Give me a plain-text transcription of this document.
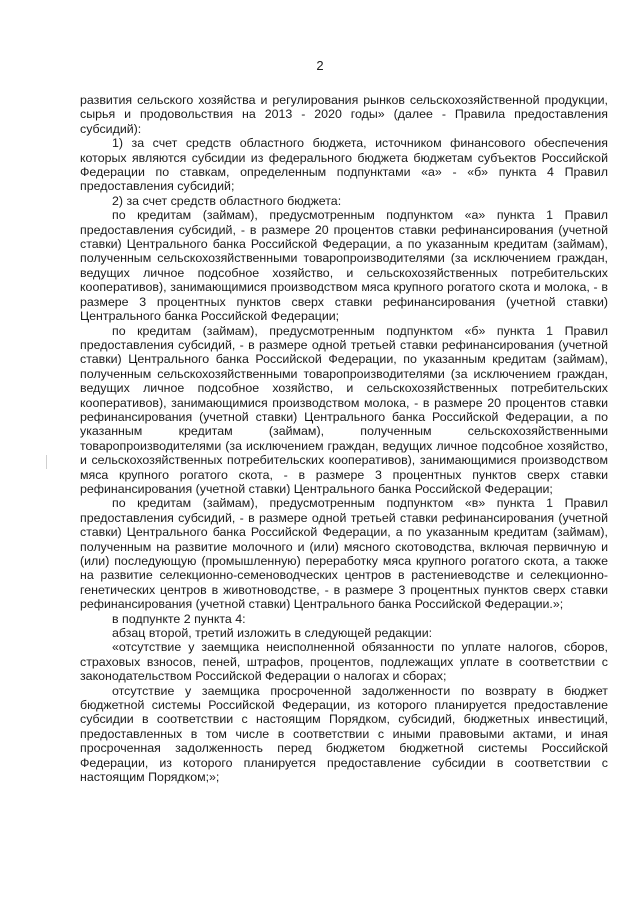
2

развития сельского хозяйства и регулирования рынков сельскохозяйственной продукции, сырья и продовольствия на 2013 - 2020 годы» (далее - Правила предоставления субсидий):

1) за счет средств областного бюджета, источником финансового обеспечения которых являются субсидии из федерального бюджета бюджетам субъектов Российской Федерации по ставкам, определенным подпунктами «а» - «б» пункта 4 Правил предоставления субсидий;

2) за счет средств областного бюджета:

по кредитам (займам), предусмотренным подпунктом «а» пункта 1 Правил предоставления субсидий, - в размере 20 процентов ставки рефинансирования (учетной ставки) Центрального банка Российской Федерации, а по указанным кредитам (займам), полученным сельскохозяйственными товаропроизводителями (за исключением граждан, ведущих личное подсобное хозяйство, и сельскохозяйственных потребительских кооперативов), занимающимися производством мяса крупного рогатого скота и молока, - в размере 3 процентных пунктов сверх ставки рефинансирования (учетной ставки) Центрального банка Российской Федерации;

по кредитам (займам), предусмотренным подпунктом «б» пункта 1 Правил предоставления субсидий, - в размере одной третьей ставки рефинансирования (учетной ставки) Центрального банка Российской Федерации, по указанным кредитам (займам), полученным сельскохозяйственными товаропроизводителями (за исключением граждан, ведущих личное подсобное хозяйство, и сельскохозяйственных потребительских кооперативов), занимающимися производством молока, - в размере 20 процентов ставки рефинансирования (учетной ставки) Центрального банка Российской Федерации, а по указанным кредитам (займам), полученным сельскохозяйственными товаропроизводителями (за исключением граждан, ведущих личное подсобное хозяйство, и сельскохозяйственных потребительских кооперативов), занимающимися производством мяса крупного рогатого скота, - в размере 3 процентных пунктов сверх ставки рефинансирования (учетной ставки) Центрального банка Российской Федерации;

по кредитам (займам), предусмотренным подпунктом «в» пункта 1 Правил предоставления субсидий, - в размере одной третьей ставки рефинансирования (учетной ставки) Центрального банка Российской Федерации, а по указанным кредитам (займам), полученным на развитие молочного и (или) мясного скотоводства, включая первичную и (или) последующую (промышленную) переработку мяса крупного рогатого скота, а также на развитие селекционно-семеноводческих центров в растениеводстве и селекционно-генетических центров в животноводстве, - в размере 3 процентных пунктов сверх ставки рефинансирования (учетной ставки) Центрального банка Российской Федерации.»;

в подпункте 2 пункта 4:

абзац второй, третий изложить в следующей редакции:

«отсутствие у заемщика неисполненной обязанности по уплате налогов, сборов, страховых взносов, пеней, штрафов, процентов, подлежащих уплате в соответствии с законодательством Российской Федерации о налогах и сборах;

отсутствие у заемщика просроченной задолженности по возврату в бюджет бюджетной системы Российской Федерации, из которого планируется предоставление субсидии в соответствии с настоящим Порядком, субсидий, бюджетных инвестиций, предоставленных в том числе в соответствии с иными правовыми актами, и иная просроченная задолженность перед бюджетом бюджетной системы Российской Федерации, из которого планируется предоставление субсидии в соответствии с настоящим Порядком;»;
